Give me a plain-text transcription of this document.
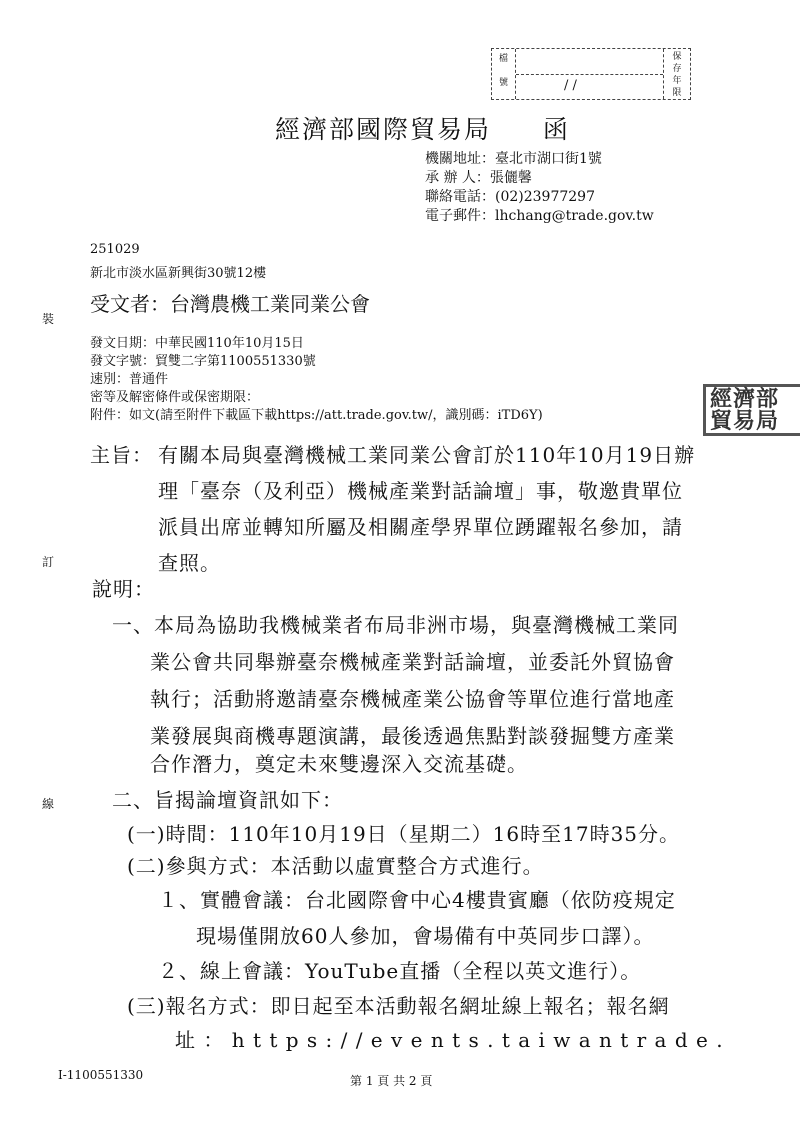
檔
號	/ /
保
存
年
限
經濟部國際貿易局 函
機關地址：臺北市湖口街1號
承 辦 人：張儷馨
聯絡電話：(02)23977297
電子郵件：lhchang@trade.gov.tw
251029
新北市淡水區新興街30號12樓
受文者：台灣農機工業同業公會
發文日期：中華民國110年10月15日
發文字號：貿雙二字第1100551330號
速別：普通件
密等及解密條件或保密期限：
附件：如文(請至附件下載區下載https://att.trade.gov.tw/，識別碼：iTD6Y)
主旨： 有關本局與臺灣機械工業同業公會訂於110年10月19日辦
理「臺奈（及利亞）機械產業對話論壇」事，敬邀貴單位
派員出席並轉知所屬及相關產學界單位踴躍報名參加，請
查照。
說明：
一、本局為協助我機械業者布局非洲市場，與臺灣機械工業同
業公會共同舉辦臺奈機械產業對話論壇，並委託外貿協會
執行；活動將邀請臺奈機械產業公協會等單位進行當地產
業發展與商機專題演講，最後透過焦點對談發掘雙方產業
合作潛力，奠定未來雙邊深入交流基礎。
二、旨揭論壇資訊如下：
(一)時間：110年10月19日（星期二）16時至17時35分。
(二)參與方式：本活動以虛實整合方式進行。
１、實體會議：台北國際會中心4樓貴賓廳（依防疫規定
現場僅開放60人參加，會場備有中英同步口譯）。
２、線上會議：YouTube直播（全程以英文進行）。
(三)報名方式：即日起至本活動報名網址線上報名；報名網
址 ： h t t p s : / / e v e n t s . t a i w a n t r a d e .
裝
訂
線
經濟部
貿易局
I-1100551330	第 1 頁 共 2 頁
